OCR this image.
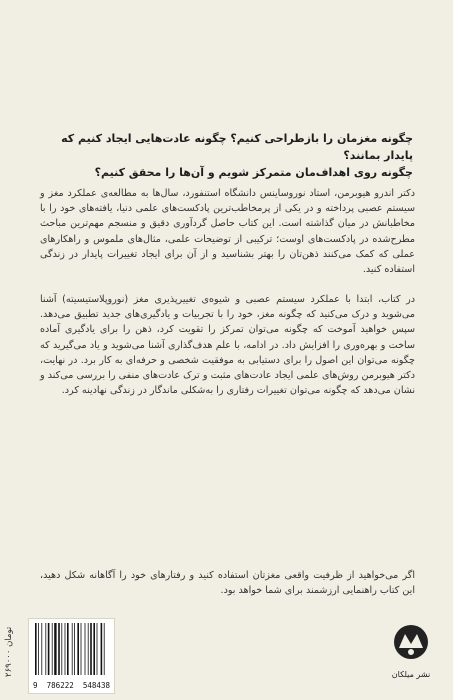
چگونه مغزمان را بازطراحی کنیم؟ چگونه عادت‌هایی ایجاد کنیم که پایدار بمانند؟
چگونه روی اهداف‌مان متمرکز شویم و آن‌ها را محقق کنیم؟
دکتر اندرو هیوبرمن، استاد نوروساینس دانشگاه استنفورد، سال‌ها به مطالعه‌ی عملکرد مغز و سیستم عصبی پرداخته و در یکی از پرمخاطب‌ترین پادکست‌های علمی دنیا، یافته‌های خود را با مخاطبانش در میان گذاشته است. این کتاب حاصل گردآوری دقیق و منسجم مهم‌ترین مباحث مطرح‌شده در پادکست‌های اوست؛ ترکیبی از توضیحات علمی، مثال‌های ملموس و راهکارهای عملی که کمک می‌کنند ذهن‌تان را بهتر بشناسید و از آن برای ایجاد تغییرات پایدار در زندگی استفاده کنید.
در کتاب، ابتدا با عملکرد سیستم عصبی و شیوه‌ی تغییرپذیری مغز (نوروپلاستیسیته) آشنا می‌شوید و درک می‌کنید که چگونه مغز، خود را با تجربیات و یادگیری‌های جدید تطبیق می‌دهد. سپس خواهید آموخت که چگونه می‌توان تمرکز را تقویت کرد، ذهن را برای یادگیری آماده ساخت و بهره‌وری را افزایش داد. در ادامه، با علم هدف‌گذاری آشنا می‌شوید و یاد می‌گیرید که چگونه می‌توان این اصول را برای دستیابی به موفقیت شخصی و حرفه‌ای به کار برد. در نهایت، دکتر هیوبرمن روش‌های علمی ایجاد عادت‌های مثبت و ترک عادت‌های منفی را بررسی می‌کند و نشان می‌دهد که چگونه می‌توان تغییرات رفتاری را به‌شکلی ماندگار در زندگی نهادینه کرد.
اگر می‌خواهید از ظرفیت واقعی مغزتان استفاده کنید و رفتارهای خود را آگاهانه شکل دهید، این کتاب راهنمایی ارزشمند برای شما خواهد بود.
۲۶۹۰۰۰ تومان
9 786222 548438
نشر میلکان
